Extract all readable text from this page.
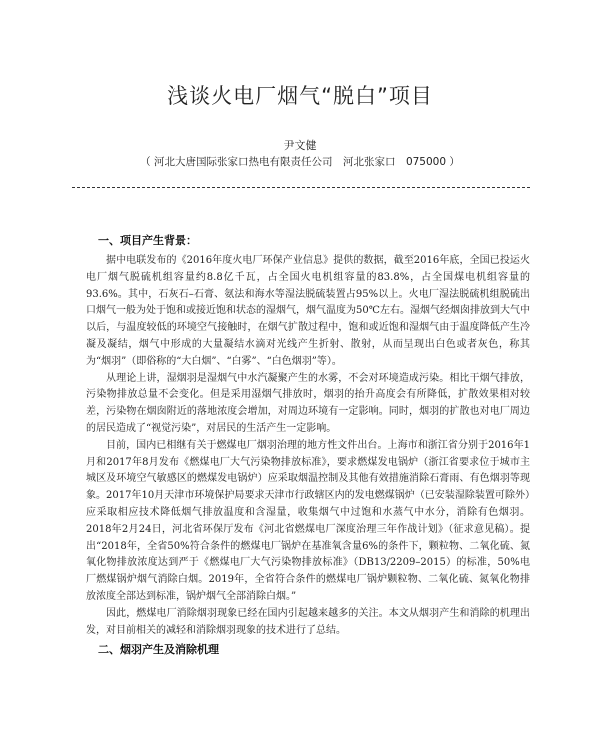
浅谈火电厂烟气“脱白”项目
尹文健
（ 河北大唐国际张家口热电有限责任公司　河北张家口　075000 ）
一、项目产生背景：

据中电联发布的《2016年度火电厂环保产业信息》提供的数据，截至2016年底，全国已投运火电厂烟气脱硫机组容量约8.8亿千瓦，占全国火电机组容量的83.8%，占全国煤电机组容量的93.6%。其中，石灰石–石膏、氨法和海水等湿法脱硫装置占95%以上。火电厂湿法脱硫机组脱硫出口烟气一般为处于饱和或接近饱和状态的湿烟气，烟气温度为50℃左右。湿烟气经烟囱排放到大气中以后，与温度较低的环境空气接触时，在烟气扩散过程中，饱和或近饱和湿烟气由于温度降低产生冷凝及凝结，烟气中形成的大量凝结水滴对光线产生折射、散射，从而呈现出白色或者灰色，称其为“烟羽”（即俗称的“大白烟”、“白雾”、“白色烟羽”等）。

从理论上讲，湿烟羽是湿烟气中水汽凝聚产生的水雾，不会对环境造成污染。相比干烟气排放，污染物排放总量不会变化。但是采用湿烟气排放时，烟羽的抬升高度会有所降低，扩散效果相对较差，污染物在烟囱附近的落地浓度会增加，对周边环境有一定影响。同时，烟羽的扩散也对电厂周边的居民造成了“视觉污染”，对居民的生活产生一定影响。

目前，国内已相继有关于燃煤电厂烟羽治理的地方性文件出台。上海市和浙江省分别于2016年1月和2017年8月发布《燃煤电厂大气污染物排放标准》，要求燃煤发电锅炉（浙江省要求位于城市主城区及环境空气敏感区的燃煤发电锅炉）应采取烟温控制及其他有效措施消除石膏雨、有色烟羽等现象。2017年10月天津市环境保护局要求天津市行政辖区内的发电燃煤锅炉（已安装湿除装置可除外）应采取相应技术降低烟气排放温度和含湿量，收集烟气中过饱和水蒸气中水分，消除有色烟羽。2018年2月24日，河北省环保厅发布《河北省燃煤电厂深度治理三年作战计划》（征求意见稿）。提出“2018年，全省50%符合条件的燃煤电厂锅炉在基准氧含量6%的条件下，颗粒物、二氧化硫、氮氧化物排放浓度达到严于《燃煤电厂大气污染物排放标准》（DB13/2209–2015）的标准，50%电厂燃煤锅炉烟气消除白烟。2019年，全省符合条件的燃煤电厂锅炉颗粒物、二氧化硫、氮氧化物排放浓度全部达到标准，锅炉烟气全部消除白烟。”

因此，燃煤电厂消除烟羽现象已经在国内引起越来越多的关注。本文从烟羽产生和消除的机理出发，对目前相关的减轻和消除烟羽现象的技术进行了总结。

二、烟羽产生及消除机理
